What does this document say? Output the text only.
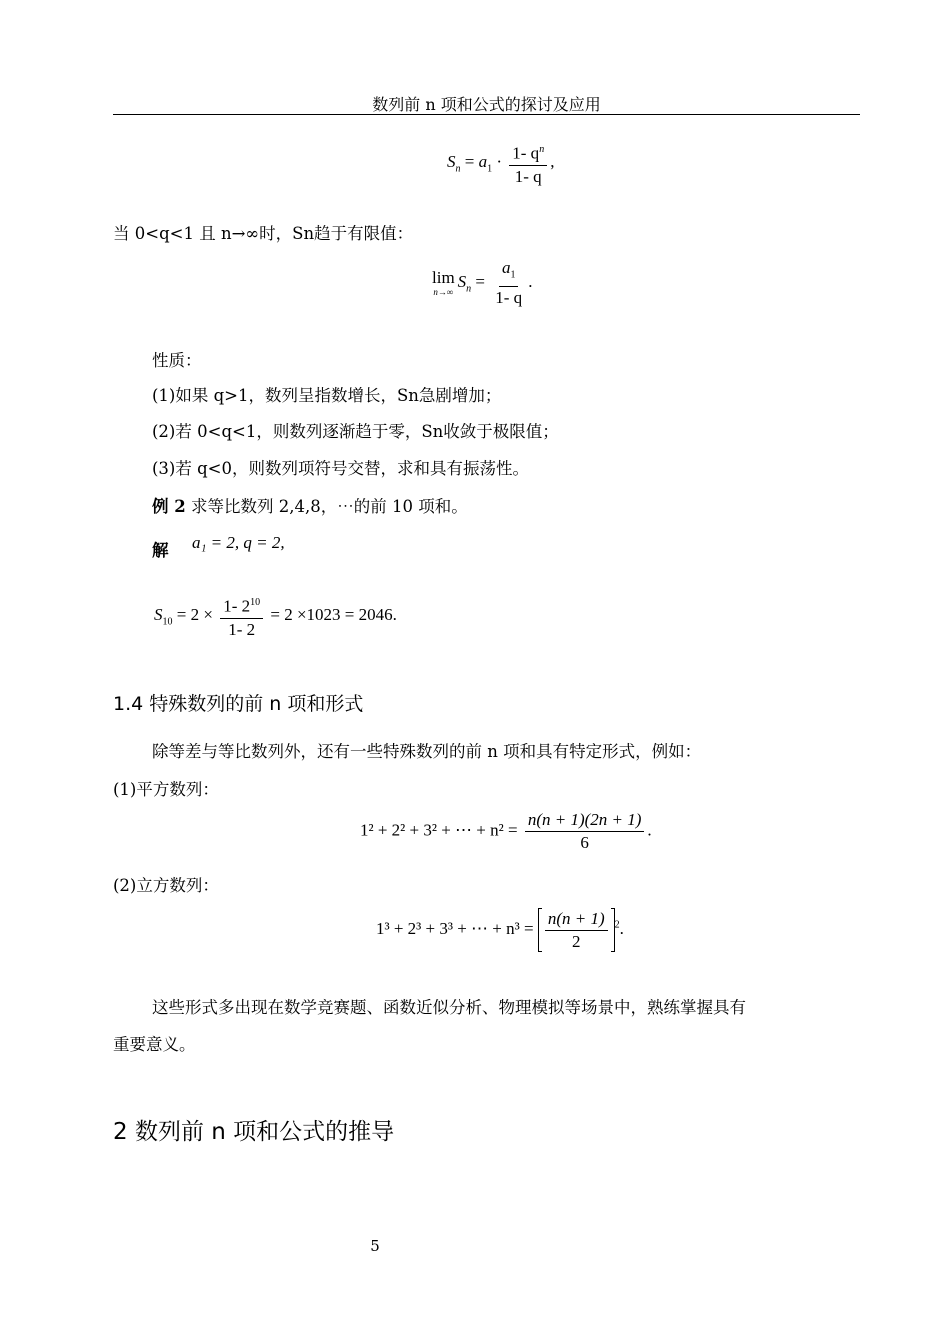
数列前 n 项和公式的探讨及应用
$S_n = a_1 \cdot \frac{1- q^n}{1- q}$ ,
当 0<q<1 且 n→∞时，Sn趋于有限值：
lim
n→∞
$S_n = \frac{a_1}{1- q}$ .
性质：
(1)如果 q>1，数列呈指数增长，Sn急剧增加；
(2)若 0<q<1，则数列逐渐趋于零，Sn收敛于极限值；
(3)若 q<0，则数列项符号交替，求和具有振荡性。
例 2 求等比数列 2,4,8，⋯的前 10 项和。
解 a₁ = 2, q = 2,
$S_{10} = 2 \times \frac{1- 2^{10}}{1- 2} = 2 \times 1023 = 2046$.
1.4 特殊数列的前 n 项和形式
除等差与等比数列外，还有一些特殊数列的前 n 项和具有特定形式，例如：
(1)平方数列：
1² + 2² + 3² + ⋯ + $n^2 = \frac{n(n + 1)(2n + 1)}{6}$ .
(2)立方数列：
1³ + 2³ + 3³ + ⋯ + $n^3 = \frac{n(n + 1)}{2} ^2$.
这些形式多出现在数学竞赛题、函数近似分析、物理模拟等场景中，熟练掌握具有
重要意义。
2 数列前 n 项和公式的推导
5
